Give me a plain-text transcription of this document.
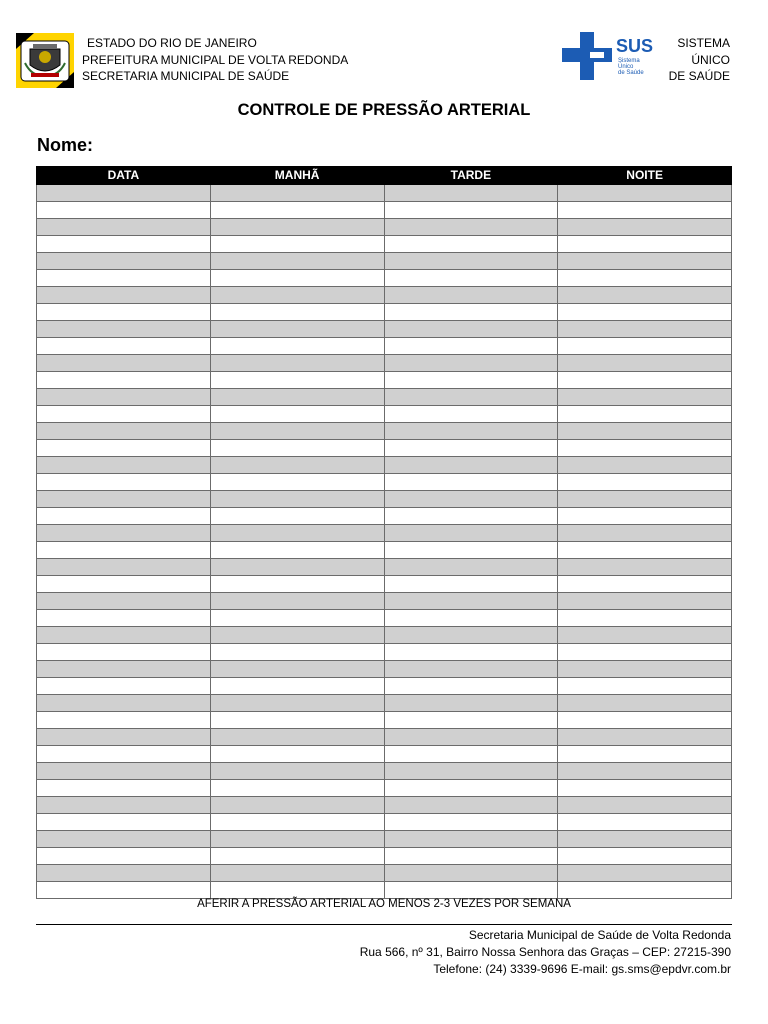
ESTADO DO RIO DE JANEIRO
PREFEITURA MUNICIPAL DE VOLTA REDONDA
SECRETARIA MUNICIPAL DE SAÚDE
SUS
Sistema
Único
de Saúde
SISTEMA
ÚNICO
DE SAÚDE
CONTROLE DE PRESSÃO ARTERIAL
Nome:
DATA	MANHÃ	TARDE	NOITE

AFERIR A PRESSÃO ARTERIAL AO MENOS 2-3 VEZES POR SEMANA
Secretaria Municipal de Saúde de Volta Redonda
Rua 566, nº 31, Bairro Nossa Senhora das Graças – CEP: 27215-390
Telefone: (24) 3339-9696 E-mail: gs.sms@epdvr.com.br
